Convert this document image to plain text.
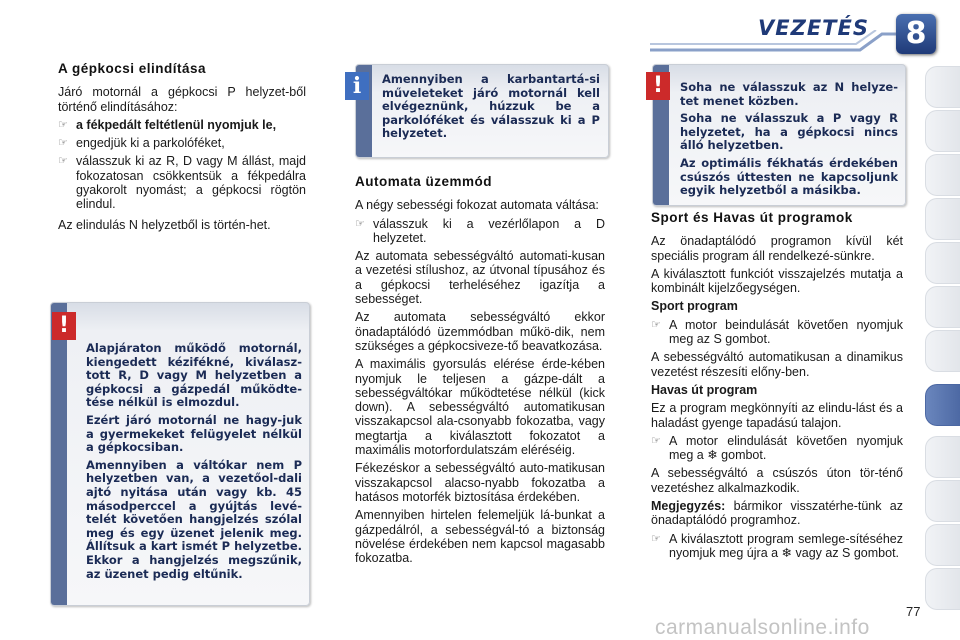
VEZETÉS	8
A gépkocsi elindítása

Járó motornál a gépkocsi P helyzet-ből történő elindításához:

☞ a fékpedált feltétlenül nyomjuk le,
☞ engedjük ki a parkolóféket,
☞ válasszuk ki az R, D vagy M állást, majd fokozatosan csökkentsük a fékpedálra gyakorolt nyomást; a gépkocsi rögtön elindul.

Az elindulás N helyzetből is történ-het.

!

Alapjáraton működő motornál, kiengedett kézifékné, kiválasz-tott R, D vagy M helyzetben a gépkocsi a gázpedál működte-tése nélkül is elmozdul.

Ezért járó motornál ne hagy-juk a gyermekeket felügyelet nélkül a gépkocsiban.

Amennyiben a váltókar nem P helyzetben van, a vezetőol-dali ajtó nyitása után vagy kb. 45 másodperccel a gyújtás levé-telét követően hangjelzés szólal meg és egy üzenet jelenik meg. Állítsuk a kart ismét P helyzetbe. Ekkor a hangjelzés megszűnik, az üzenet pedig eltűnik.

i	Amennyiben a karbantartá-si műveleteket járó motornál kell elvégeznünk, húzzuk be a parkolóféket és válasszuk ki a P helyzetet.
Automata üzemmód

A négy sebességi fokozat automata váltása:

☞ válasszuk ki a vezérlőlapon a D helyzetet.

Az automata sebességváltó automati-kusan a vezetési stílushoz, az útvonal típusához és a gépkocsi terheléséhez igazítja a sebességet.

Az automata sebességváltó ekkor önadaptálódó üzemmódban műkö-dik, nem szükséges a gépkocsiveze-tő beavatkozása.

A maximális gyorsulás elérése érde-kében nyomjuk le teljesen a gázpe-dált a sebességváltókar működtetése nélkül (kick down). A sebességváltó automatikusan visszakapcsol ala-csonyabb fokozatba, vagy megtartja a kiválasztott fokozatot a maximális motorfordulatszám eléréséig.

Fékezéskor a sebességváltó auto-matikusan visszakapcsol alacso-nyabb fokozatba a hatásos motorfék biztosítása érdekében.

Amennyiben hirtelen felemeljük lá-bunkat a gázpedálról, a sebességvál-tó a biztonság növelése érdekében nem kapcsol magasabb fokozatba.

!	Soha ne válasszuk az N helyze-tet menet közben.

Soha ne válasszuk a P vagy R helyzetet, ha a gépkocsi nincs álló helyzetben.

Az optimális fékhatás érdekében csúszós úttesten ne kapcsoljunk egyik helyzetből a másikba.

Sport és Havas út programok

Az önadaptálódó programon kívül két speciális program áll rendelkezé-sünkre.

A kiválasztott funkciót visszajelzés mutatja a kombinált kijelzőegységen.

Sport program
☞ A motor beindulását követően nyomjuk meg az S gombot.

A sebességváltó automatikusan a dinamikus vezetést részesíti előny-ben.

Havas út program

Ez a program megkönnyíti az elindu-lást és a haladást gyenge tapadású talajon.

☞ A motor elindulását követően nyomjuk meg a ❄ gombot.

A sebességváltó a csúszós úton tör-ténő vezetéshez alkalmazkodik.

Megjegyzés: bármikor visszatérhe-tünk az önadaptálódó programhoz.

☞ A kiválasztott program semlege-sítéséhez nyomjuk meg újra a ❄ vagy az S gombot.
77
carmanualsonline.info
